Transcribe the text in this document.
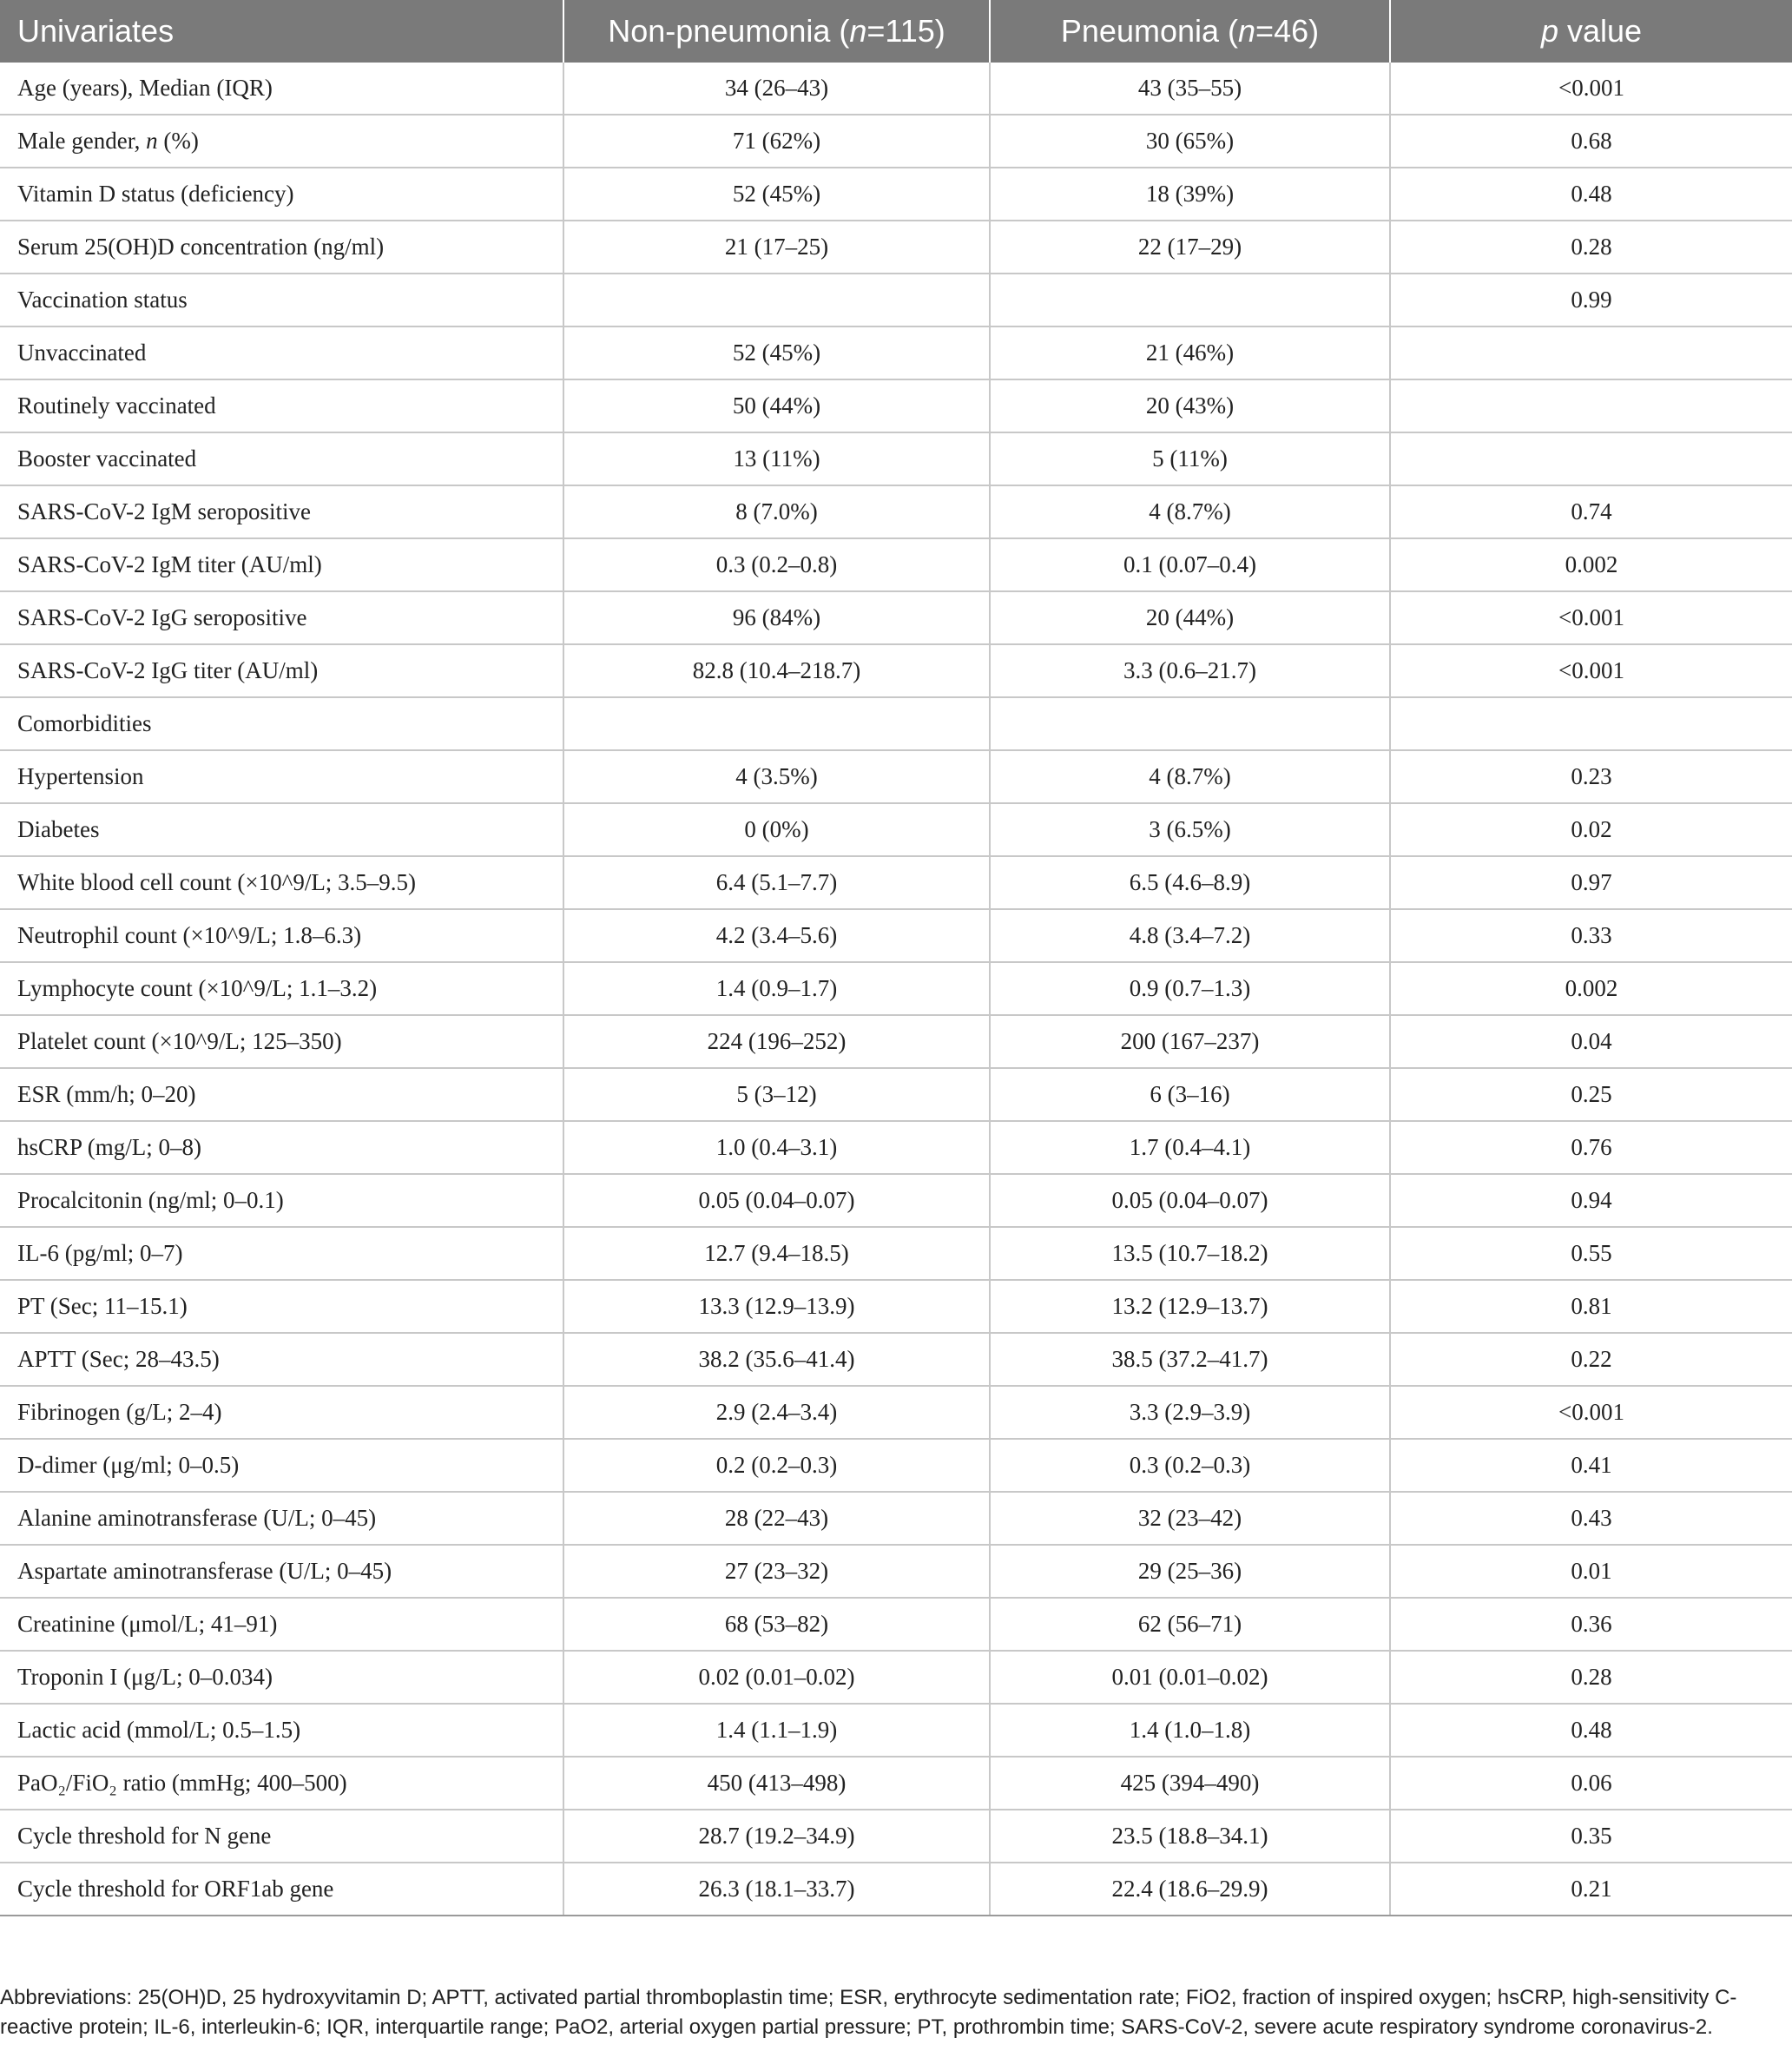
Univariates	Non-pneumonia (n=115)	Pneumonia (n=46)	p value
Age (years), Median (IQR)	34 (26–43)	43 (35–55)	<0.001
Male gender, n (%)	71 (62%)	30 (65%)	0.68
Vitamin D status (deficiency)	52 (45%)	18 (39%)	0.48
Serum 25(OH)D concentration (ng/ml)	21 (17–25)	22 (17–29)	0.28
Vaccination status			0.99
Unvaccinated	52 (45%)	21 (46%)	
Routinely vaccinated	50 (44%)	20 (43%)	
Booster vaccinated	13 (11%)	5 (11%)	
SARS-CoV-2 IgM seropositive	8 (7.0%)	4 (8.7%)	0.74
SARS-CoV-2 IgM titer (AU/ml)	0.3 (0.2–0.8)	0.1 (0.07–0.4)	0.002
SARS-CoV-2 IgG seropositive	96 (84%)	20 (44%)	<0.001
SARS-CoV-2 IgG titer (AU/ml)	82.8 (10.4–218.7)	3.3 (0.6–21.7)	<0.001
Comorbidities			
Hypertension	4 (3.5%)	4 (8.7%)	0.23
Diabetes	0 (0%)	3 (6.5%)	0.02
White blood cell count (×10^9/L; 3.5–9.5)	6.4 (5.1–7.7)	6.5 (4.6–8.9)	0.97
Neutrophil count (×10^9/L; 1.8–6.3)	4.2 (3.4–5.6)	4.8 (3.4–7.2)	0.33
Lymphocyte count (×10^9/L; 1.1–3.2)	1.4 (0.9–1.7)	0.9 (0.7–1.3)	0.002
Platelet count (×10^9/L; 125–350)	224 (196–252)	200 (167–237)	0.04
ESR (mm/h; 0–20)	5 (3–12)	6 (3–16)	0.25
hsCRP (mg/L; 0–8)	1.0 (0.4–3.1)	1.7 (0.4–4.1)	0.76
Procalcitonin (ng/ml; 0–0.1)	0.05 (0.04–0.07)	0.05 (0.04–0.07)	0.94
IL-6 (pg/ml; 0–7)	12.7 (9.4–18.5)	13.5 (10.7–18.2)	0.55
PT (Sec; 11–15.1)	13.3 (12.9–13.9)	13.2 (12.9–13.7)	0.81
APTT (Sec; 28–43.5)	38.2 (35.6–41.4)	38.5 (37.2–41.7)	0.22
Fibrinogen (g/L; 2–4)	2.9 (2.4–3.4)	3.3 (2.9–3.9)	<0.001
D-dimer (μg/ml; 0–0.5)	0.2 (0.2–0.3)	0.3 (0.2–0.3)	0.41
Alanine aminotransferase (U/L; 0–45)	28 (22–43)	32 (23–42)	0.43
Aspartate aminotransferase (U/L; 0–45)	27 (23–32)	29 (25–36)	0.01
Creatinine (μmol/L; 41–91)	68 (53–82)	62 (56–71)	0.36
Troponin I (μg/L; 0–0.034)	0.02 (0.01–0.02)	0.01 (0.01–0.02)	0.28
Lactic acid (mmol/L; 0.5–1.5)	1.4 (1.1–1.9)	1.4 (1.0–1.8)	0.48
PaO₂/FiO₂ ratio (mmHg; 400–500)	450 (413–498)	425 (394–490)	0.06
Cycle threshold for N gene	28.7 (19.2–34.9)	23.5 (18.8–34.1)	0.35
Cycle threshold for ORF1ab gene	26.3 (18.1–33.7)	22.4 (18.6–29.9)	0.21
Abbreviations: 25(OH)D, 25 hydroxyvitamin D; APTT, activated partial thromboplastin time; ESR, erythrocyte sedimentation rate; FiO2, fraction of inspired oxygen; hsCRP, high-sensitivity C-reactive protein; IL-6, interleukin-6; IQR, interquartile range; PaO2, arterial oxygen partial pressure; PT, prothrombin time; SARS-CoV-2, severe acute respiratory syndrome coronavirus-2.
